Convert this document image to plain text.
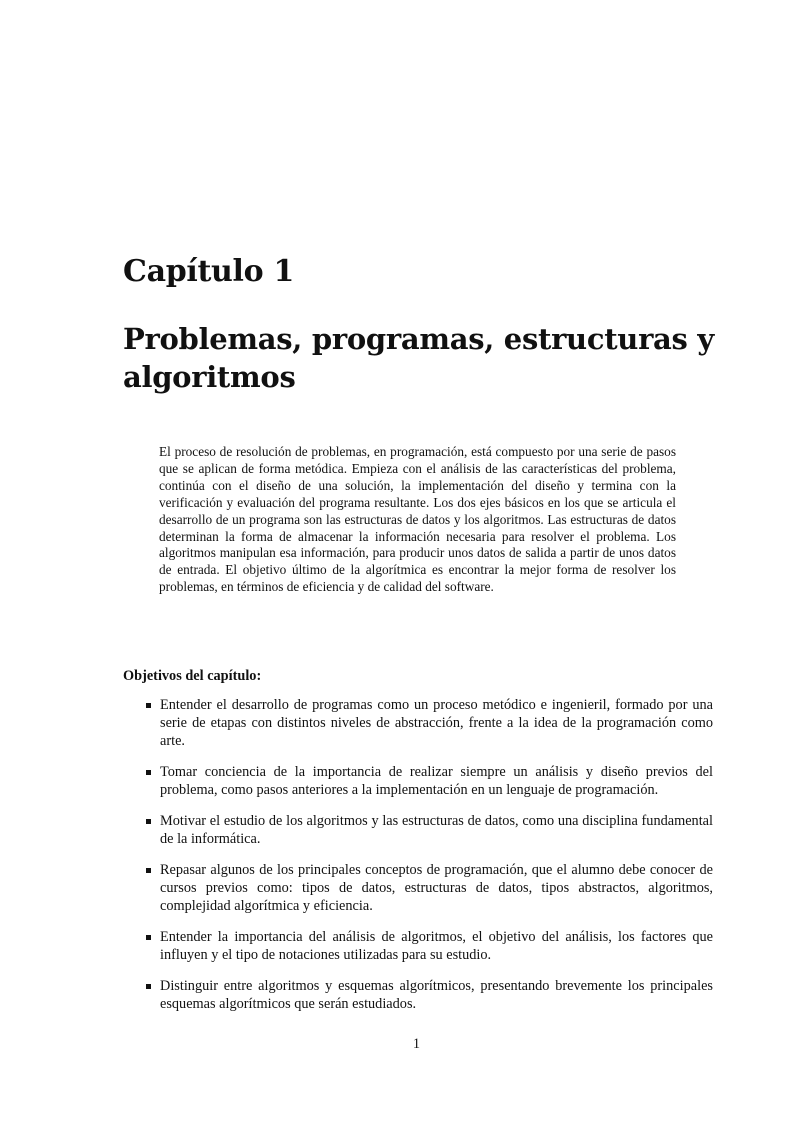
Capítulo 1
Problemas, programas, estructuras y algoritmos

El proceso de resolución de problemas, en programación, está compuesto por una serie de pasos que se aplican de forma metódica. Empieza con el análisis de las características del problema, continúa con el diseño de una solución, la implementación del diseño y termina con la verificación y evaluación del programa resultante. Los dos ejes básicos en los que se articula el desarrollo de un programa son las estructuras de datos y los algoritmos. Las estructuras de datos determinan la forma de almacenar la información necesaria para resolver el problema. Los algoritmos manipulan esa información, para producir unos datos de salida a partir de unos datos de entrada. El objetivo último de la algorítmica es encontrar la mejor forma de resolver los problemas, en términos de eficiencia y de calidad del software.

Objetivos del capítulo:
Entender el desarrollo de programas como un proceso metódico e ingenieril, formado por una serie de etapas con distintos niveles de abstracción, frente a la idea de la programación como arte.
Tomar conciencia de la importancia de realizar siempre un análisis y diseño previos del problema, como pasos anteriores a la implementación en un lenguaje de programación.
Motivar el estudio de los algoritmos y las estructuras de datos, como una disciplina fundamental de la informática.
Repasar algunos de los principales conceptos de programación, que el alumno debe conocer de cursos previos como: tipos de datos, estructuras de datos, tipos abstractos, algoritmos, complejidad algorítmica y eficiencia.
Entender la importancia del análisis de algoritmos, el objetivo del análisis, los factores que influyen y el tipo de notaciones utilizadas para su estudio.
Distinguir entre algoritmos y esquemas algorítmicos, presentando brevemente los principales esquemas algorítmicos que serán estudiados.
1
